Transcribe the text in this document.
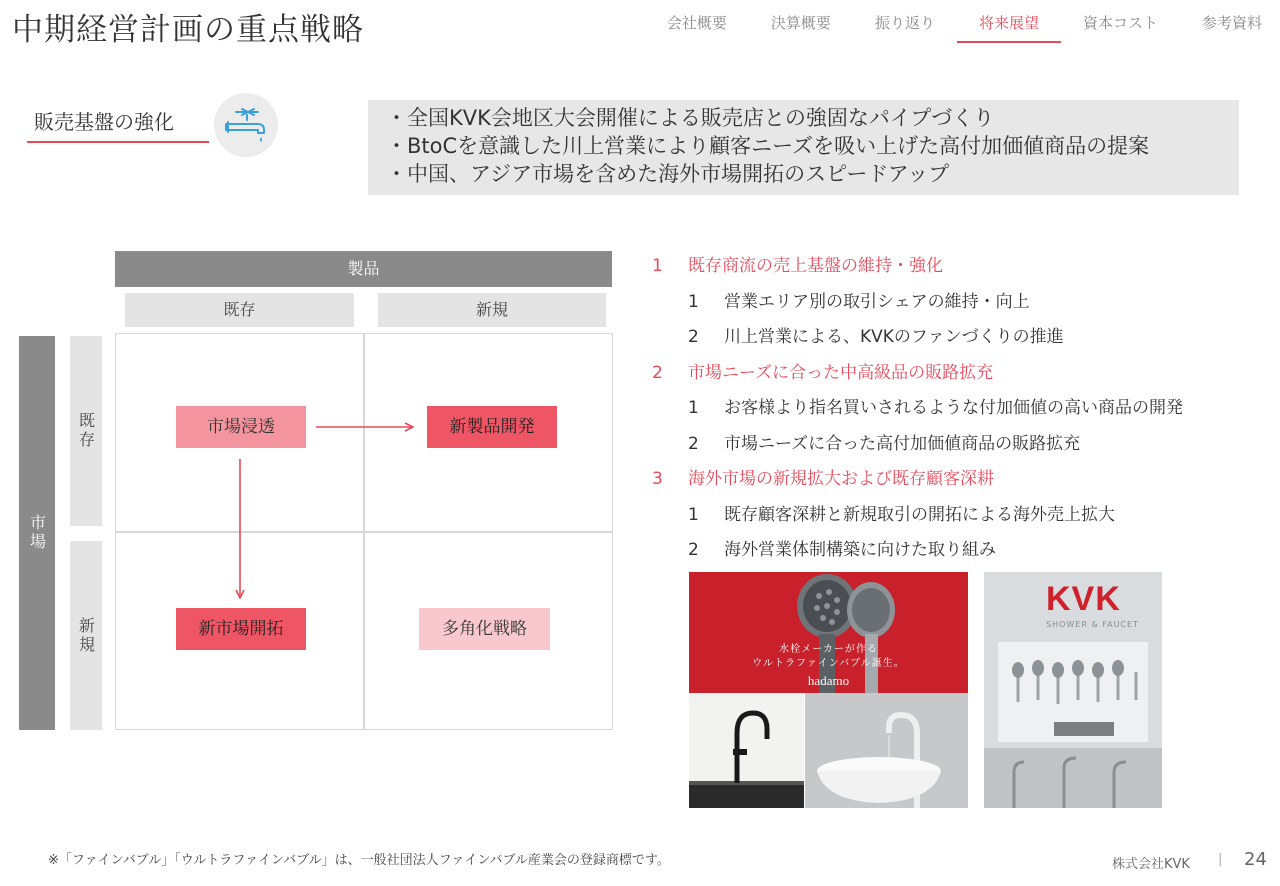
中期経営計画の重点戦略	会社概要	決算概要	振り返り	将来展望	資本コスト	参考資料
販売基盤の強化	・全国KVK会地区大会開催による販売店との強固なパイプづくり
・BtoCを意識した川上営業により顧客ニーズを吸い上げた高付加価値商品の提案
・中国、アジア市場を含めた海外市場開拓のスピードアップ
製品
既存	新規
市場
既存
新規
市場浸透	新製品開発
新市場開拓	多角化戦略
1 既存商流の売上基盤の維持・強化
1 営業エリア別の取引シェアの維持・向上
2 川上営業による、KVKのファンづくりの推進
2 市場ニーズに合った中高級品の販路拡充
1 お客様より指名買いされるような付加価値の高い商品の開発
2 市場ニーズに合った高付加価値商品の販路拡充
3 海外市場の新規拡大および既存顧客深耕
1 既存顧客深耕と新規取引の開拓による海外売上拡大
2 海外営業体制構築に向けた取り組み
水栓メーカーが作る
ウルトラファインバブル誕生。
hadamo
KVK
SHOWER & FAUCET
※「ファインバブル」「ウルトラファインバブル」は、一般社団法人ファインバブル産業会の登録商標です。	株式会社KVK | 24
